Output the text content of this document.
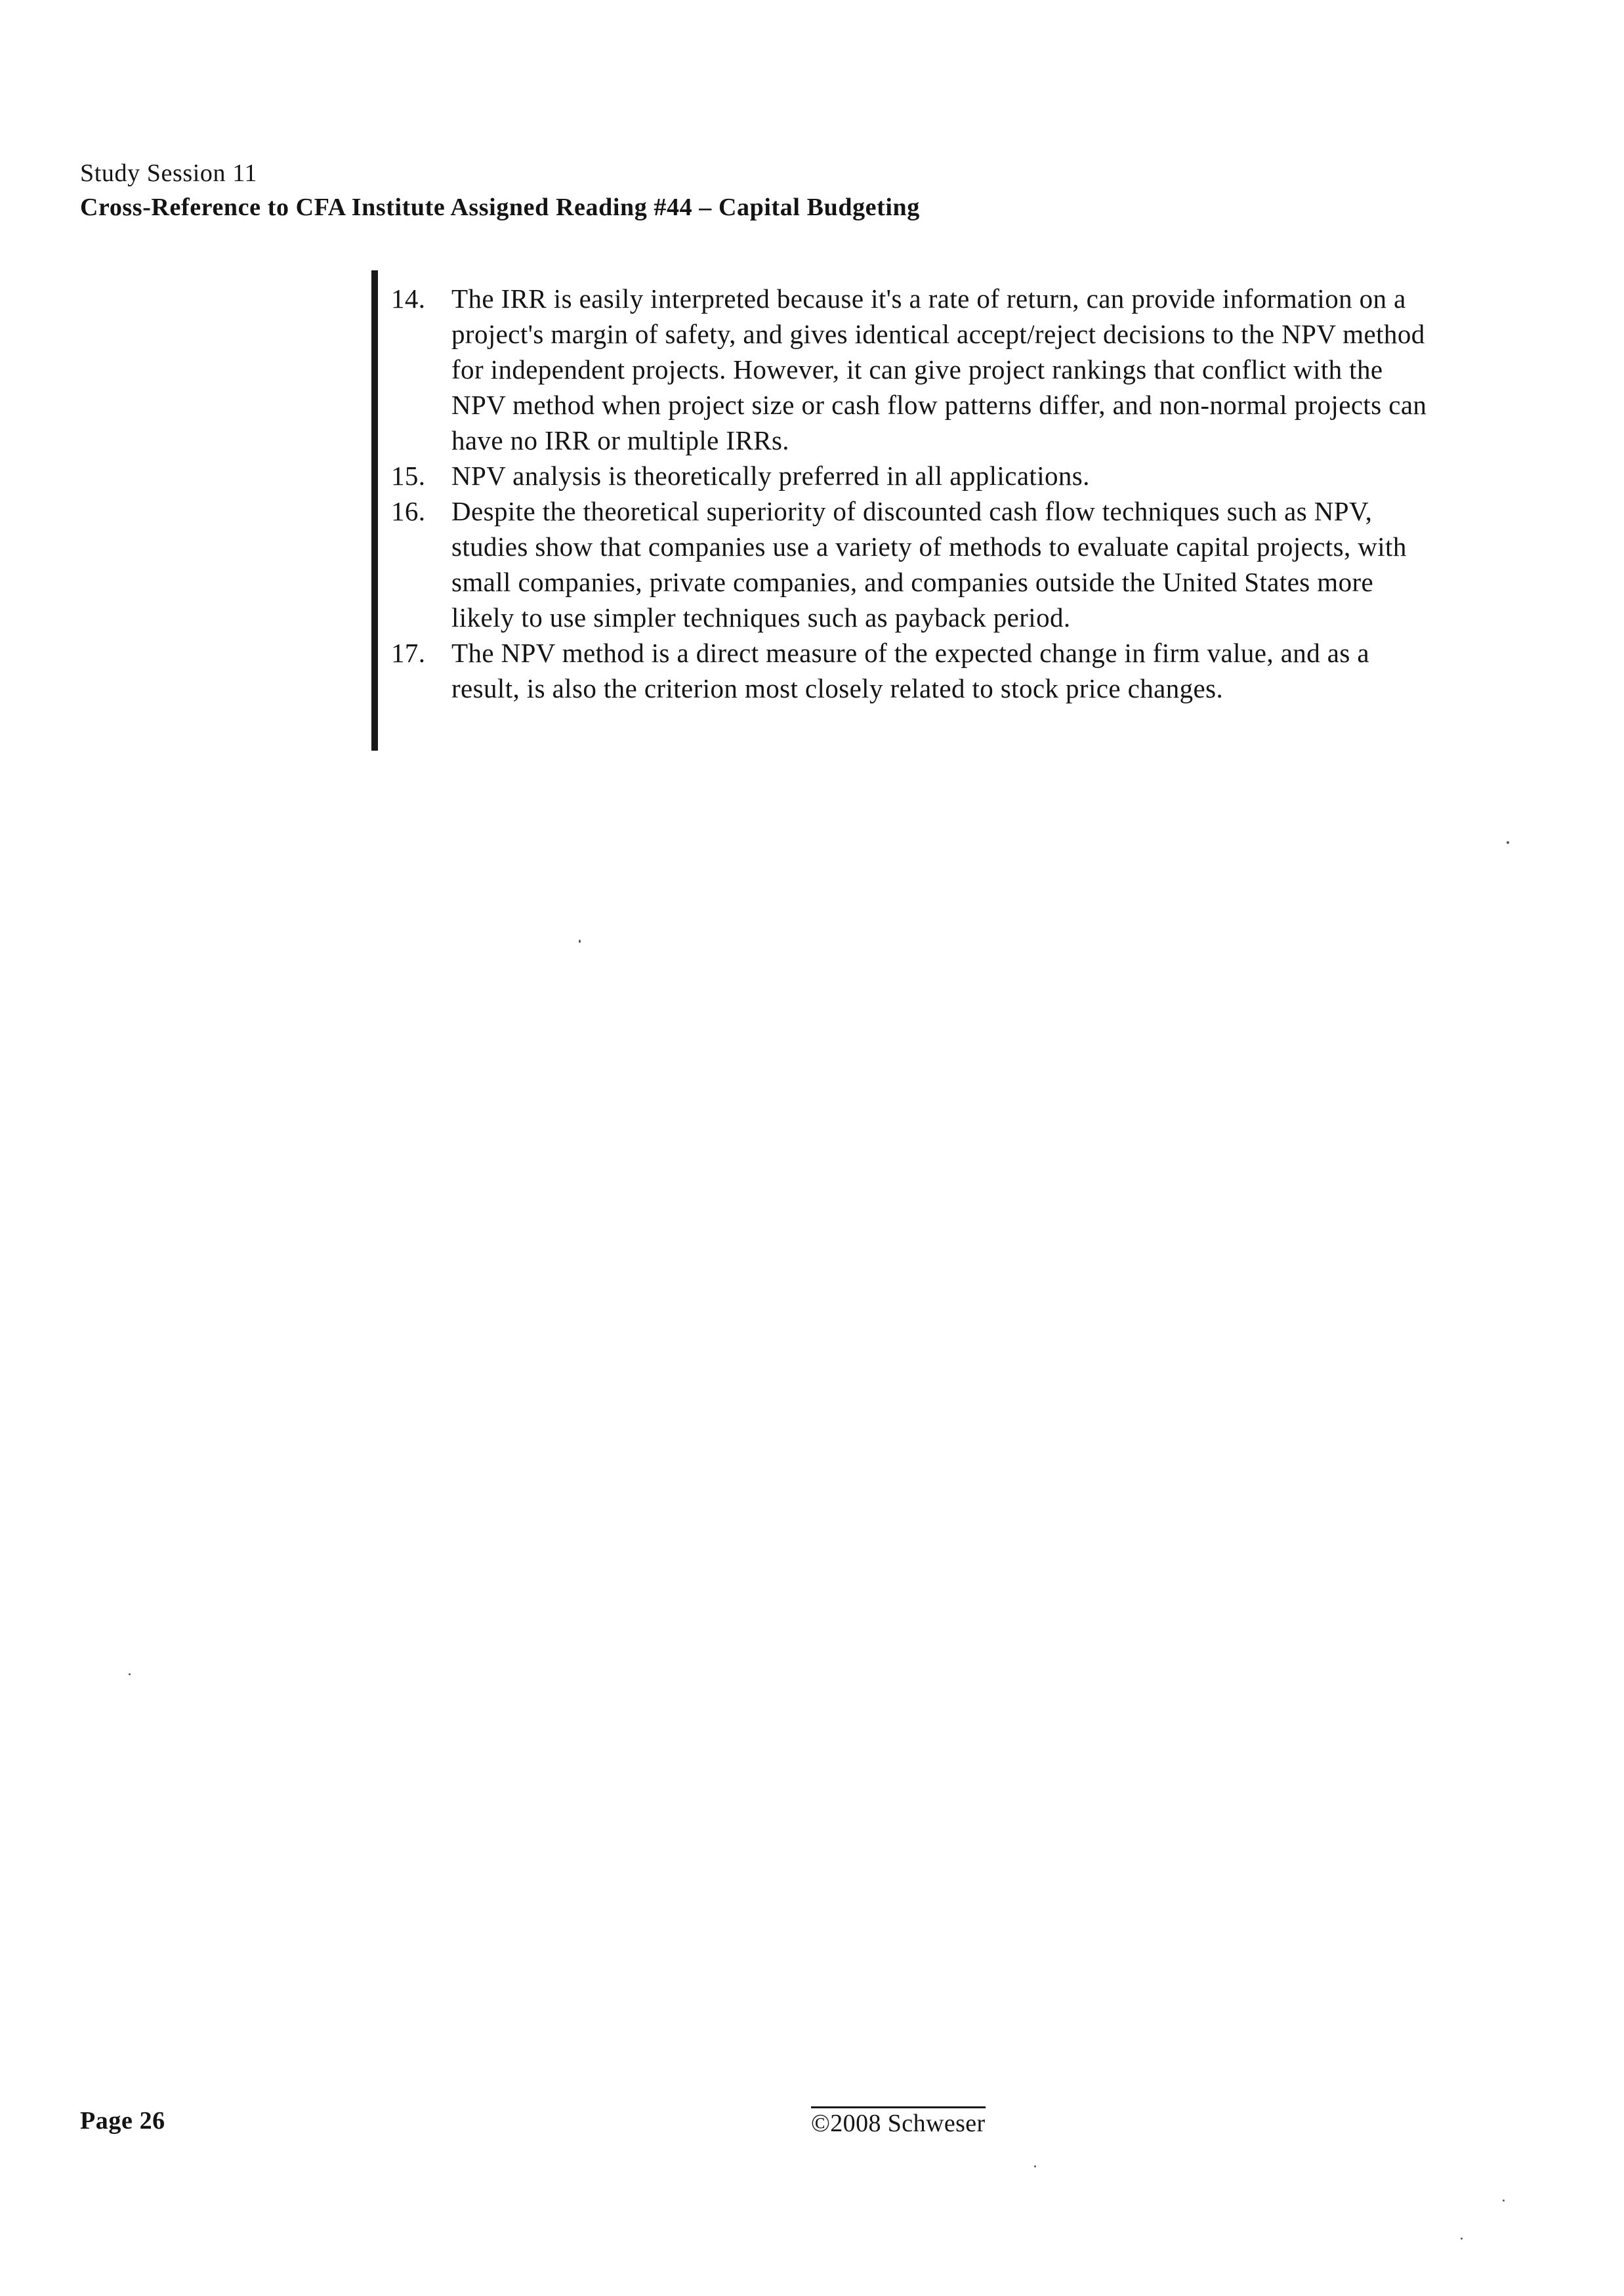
Study Session 11
Cross-Reference to CFA Institute Assigned Reading #44 – Capital Budgeting
14. The IRR is easily interpreted because it's a rate of return, can provide information on a project's margin of safety, and gives identical accept/reject decisions to the NPV method for independent projects. However, it can give project rankings that conflict with the NPV method when project size or cash flow patterns differ, and non-normal projects can have no IRR or multiple IRRs.
15. NPV analysis is theoretically preferred in all applications.
16. Despite the theoretical superiority of discounted cash flow techniques such as NPV, studies show that companies use a variety of methods to evaluate capital projects, with small companies, private companies, and companies outside the United States more likely to use simpler techniques such as payback period.
17. The NPV method is a direct measure of the expected change in firm value, and as a result, is also the criterion most closely related to stock price changes.
Page 26	©2008 Schweser
